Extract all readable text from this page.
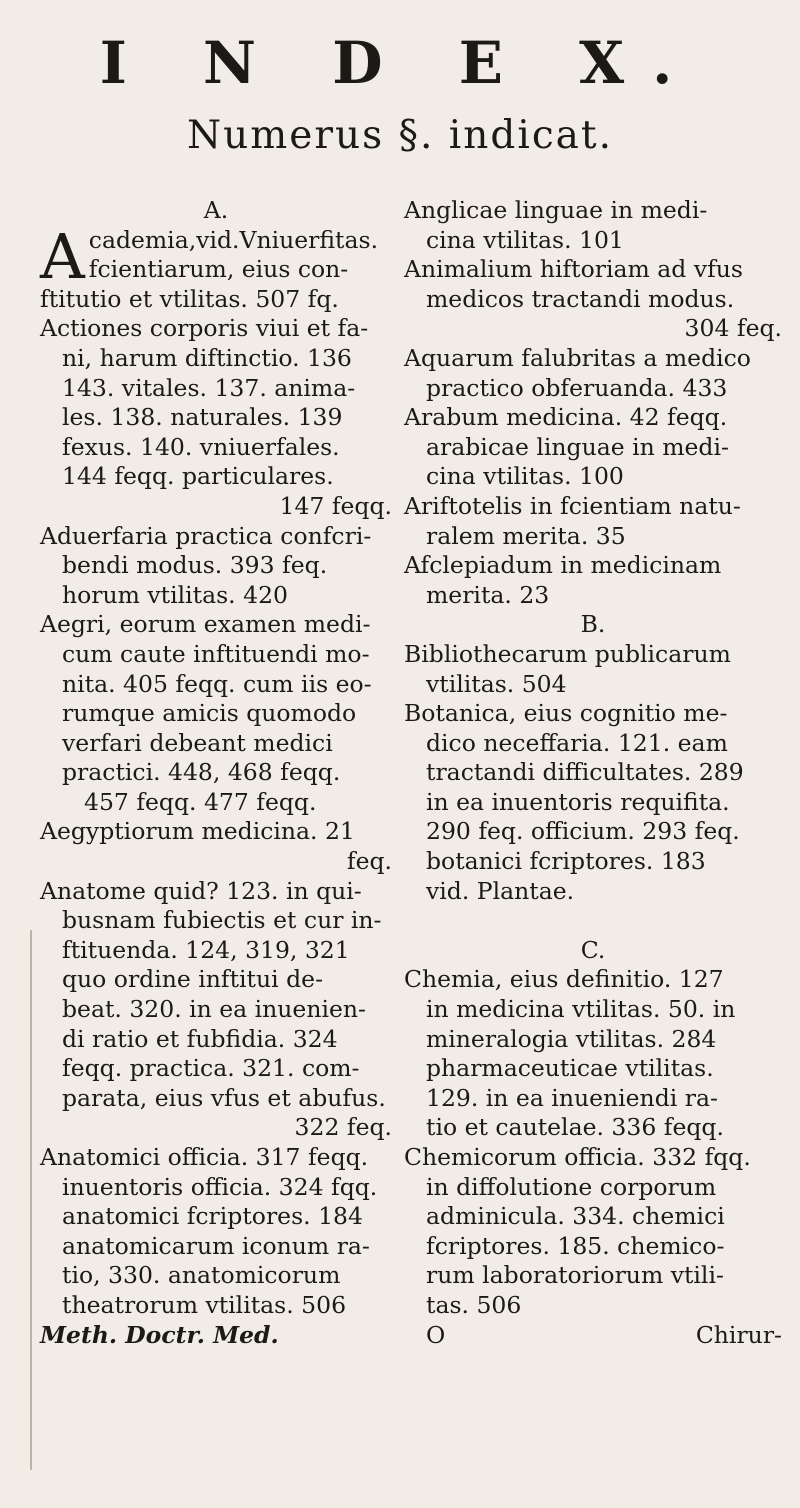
I N D E X.
Numerus §. indicat.
A.
A cademia,vid.Vniuerfitas.
fcientiarum, eius con-
ftitutio et vtilitas. 507 fq.
Actiones corporis viui et fa-
ni, harum diftinctio. 136
143. vitales. 137. anima-
les. 138. naturales. 139
fexus. 140. vniuerfales.
144 feqq. particulares.
147 feqq.
Aduerfaria practica confcri-
bendi modus. 393 feq.
horum vtilitas. 420
Aegri, eorum examen medi-
cum caute inftituendi mo-
nita. 405 feqq. cum iis eo-
rumque amicis quomodo
verfari debeant medici
practici. 448, 468 feqq.
457 feqq. 477 feqq.
Aegyptiorum medicina. 21
feq.
Anatome quid? 123. in qui-
busnam fubiectis et cur in-
ftituenda. 124, 319, 321
quo ordine inftitui de-
beat. 320. in ea inuenien-
di ratio et fubfidia. 324
feqq. practica. 321. com-
parata, eius vfus et abufus.
322 feq.
Anatomici officia. 317 feqq.
inuentoris officia. 324 fqq.
anatomici fcriptores. 184
anatomicarum iconum ra-
tio, 330. anatomicorum
theatrorum vtilitas. 506
Meth. Doctr. Med.
Anglicae linguae in medi-
cina vtilitas. 101
Animalium hiftoriam ad vfus
medicos tractandi modus.
304 feq.
Aquarum falubritas a medico
practico obferuanda. 433
Arabum medicina. 42 feqq.
arabicae linguae in medi-
cina vtilitas. 100
Ariftotelis in fcientiam natu-
ralem merita. 35
Afclepiadum in medicinam
merita. 23
B.
Bibliothecarum publicarum
vtilitas. 504
Botanica, eius cognitio me-
dico neceffaria. 121. eam
tractandi difficultates. 289
in ea inuentoris requifita.
290 feq. officium. 293 feq.
botanici fcriptores. 183
vid. Plantae.
C.
Chemia, eius definitio. 127
in medicina vtilitas. 50. in
mineralogia vtilitas. 284
pharmaceuticae vtilitas.
129. in ea inueniendi ra-
tio et cautelae. 336 feqq.
Chemicorum officia. 332 fqq.
in diffolutione corporum
adminicula. 334. chemici
fcriptores. 185. chemico-
rum laboratoriorum vtili-
tas. 506
O	Chirur-
